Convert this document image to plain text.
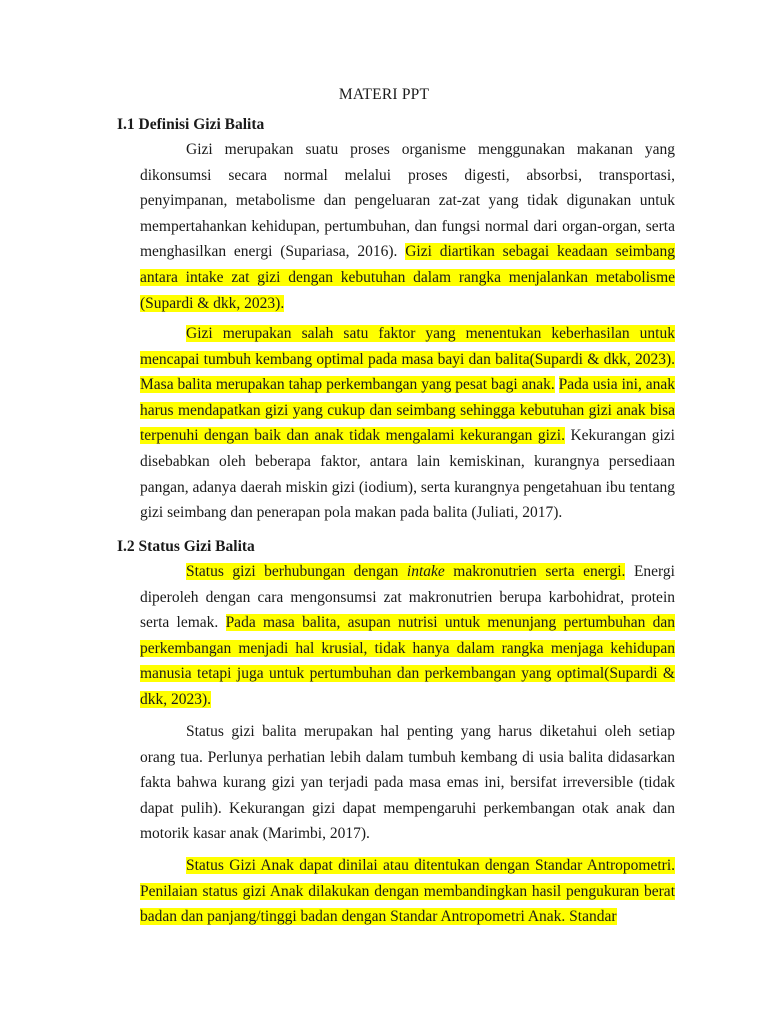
MATERI PPT
I.1 Definisi Gizi Balita

Gizi merupakan suatu proses organisme menggunakan makanan yang dikonsumsi secara normal melalui proses digesti, absorbsi, transportasi, penyimpanan, metabolisme dan pengeluaran zat-zat yang tidak digunakan untuk mempertahankan kehidupan, pertumbuhan, dan fungsi normal dari organ-organ, serta menghasilkan energi (Supariasa, 2016). Gizi diartikan sebagai keadaan seimbang antara intake zat gizi dengan kebutuhan dalam rangka menjalankan metabolisme (Supardi & dkk, 2023).

Gizi merupakan salah satu faktor yang menentukan keberhasilan untuk mencapai tumbuh kembang optimal pada masa bayi dan balita(Supardi & dkk, 2023). Masa balita merupakan tahap perkembangan yang pesat bagi anak. Pada usia ini, anak harus mendapatkan gizi yang cukup dan seimbang sehingga kebutuhan gizi anak bisa terpenuhi dengan baik dan anak tidak mengalami kekurangan gizi. Kekurangan gizi disebabkan oleh beberapa faktor, antara lain kemiskinan, kurangnya persediaan pangan, adanya daerah miskin gizi (iodium), serta kurangnya pengetahuan ibu tentang gizi seimbang dan penerapan pola makan pada balita (Juliati, 2017).

I.2 Status Gizi Balita

Status gizi berhubungan dengan intake makronutrien serta energi. Energi diperoleh dengan cara mengonsumsi zat makronutrien berupa karbohidrat, protein serta lemak. Pada masa balita, asupan nutrisi untuk menunjang pertumbuhan dan perkembangan menjadi hal krusial, tidak hanya dalam rangka menjaga kehidupan manusia tetapi juga untuk pertumbuhan dan perkembangan yang optimal(Supardi & dkk, 2023).

Status gizi balita merupakan hal penting yang harus diketahui oleh setiap orang tua. Perlunya perhatian lebih dalam tumbuh kembang di usia balita didasarkan fakta bahwa kurang gizi yan terjadi pada masa emas ini, bersifat irreversible (tidak dapat pulih). Kekurangan gizi dapat mempengaruhi perkembangan otak anak dan motorik kasar anak (Marimbi, 2017).

Status Gizi Anak dapat dinilai atau ditentukan dengan Standar Antropometri. Penilaian status gizi Anak dilakukan dengan membandingkan hasil pengukuran berat badan dan panjang/tinggi badan dengan Standar Antropometri Anak. Standar
